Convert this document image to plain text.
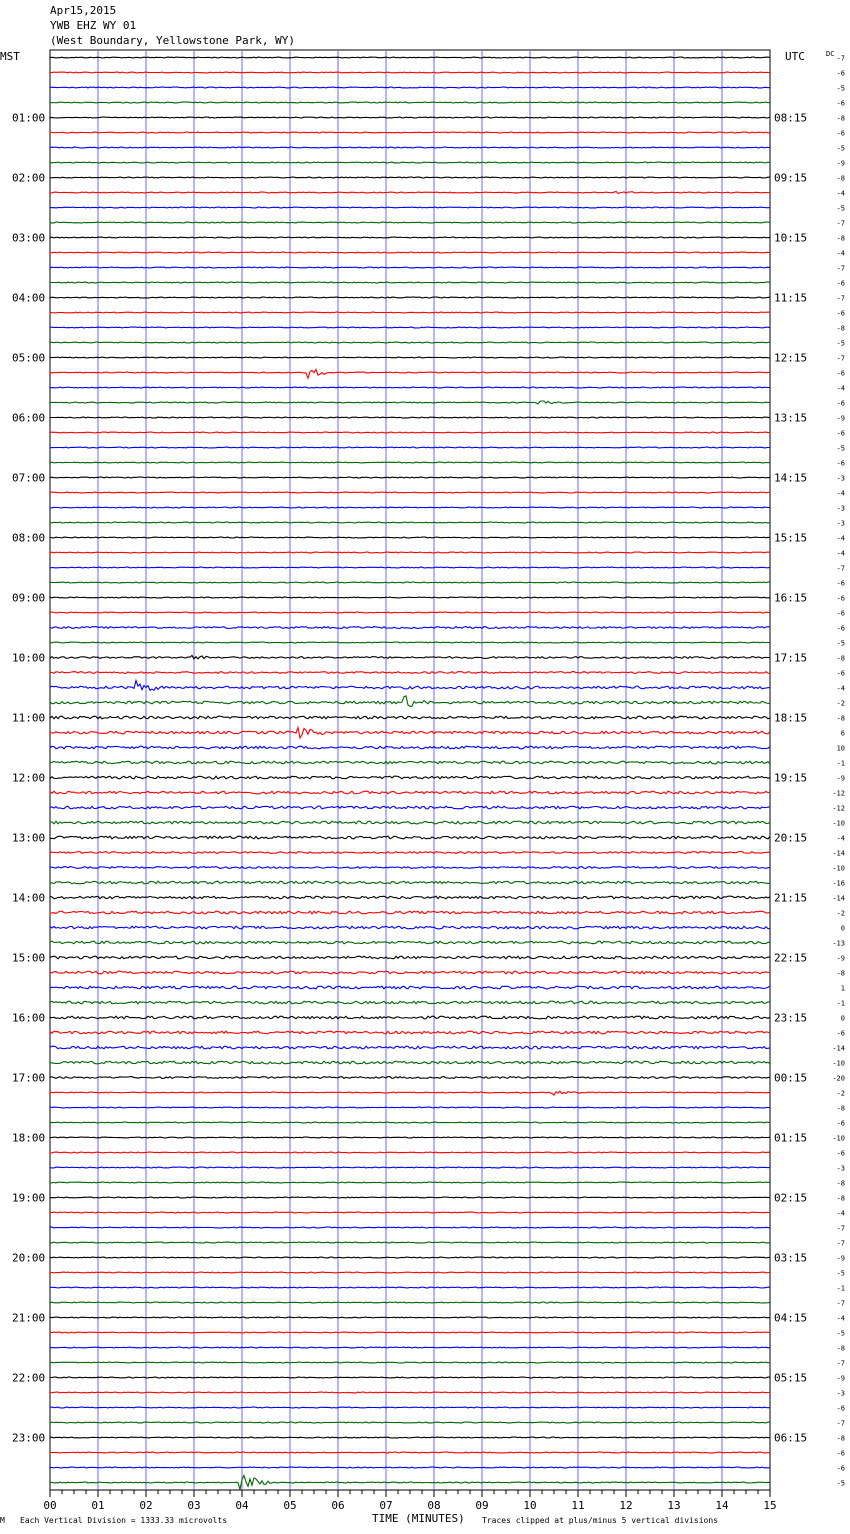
Apr15,2015
YWB EHZ WY 01
(West Boundary, Yellowstone Park, WY)
MST	UTC	-7
-6
-5
-6
-8
-6
-5
-9
-8
-4
-5
-7
-8
-4
-7
-6
-7
-6
-8
-5
-7
-6
-4
-6
-9
-6
-5
-6
-3
-4
-3
-3
-4
-4
-7
-6
-6
-6
-6
-5
-8
-6
-4
-2
-8
6
10
-1
-9
-12
-12
-10
-4
-14
-10
-16
-14
-2
0
-13
-9
-8
1
-1
0
-6
-14
-10
-20
-2
-8
-6
-10
-6
-3
-8
-8
-4
-7
-7
-9
-5
-1
-7
-4
-5
-8
-7
-9
-3
-6
-7
-8
-6
-6
-5
DC
01:00
02:00
03:00
04:00
05:00
06:00
07:00
08:00
09:00
10:00
11:00
12:00
13:00
14:00
15:00
16:00
17:00
18:00
19:00
20:00
21:00
22:00
23:00
08:15
09:15
10:15
11:15
12:15
13:15
14:15
15:15
16:15
17:15
18:15
19:15
20:15
21:15
22:15
23:15
00:15
01:15
02:15
03:15
04:15
05:15
06:15
00	01	02	03	04	05	06	07	08	09	10	11	12	13	14	15
M Each Vertical Division = 1333.33 microvolts	TIME (MINUTES) Traces clipped at plus/minus 5 vertical divisions
